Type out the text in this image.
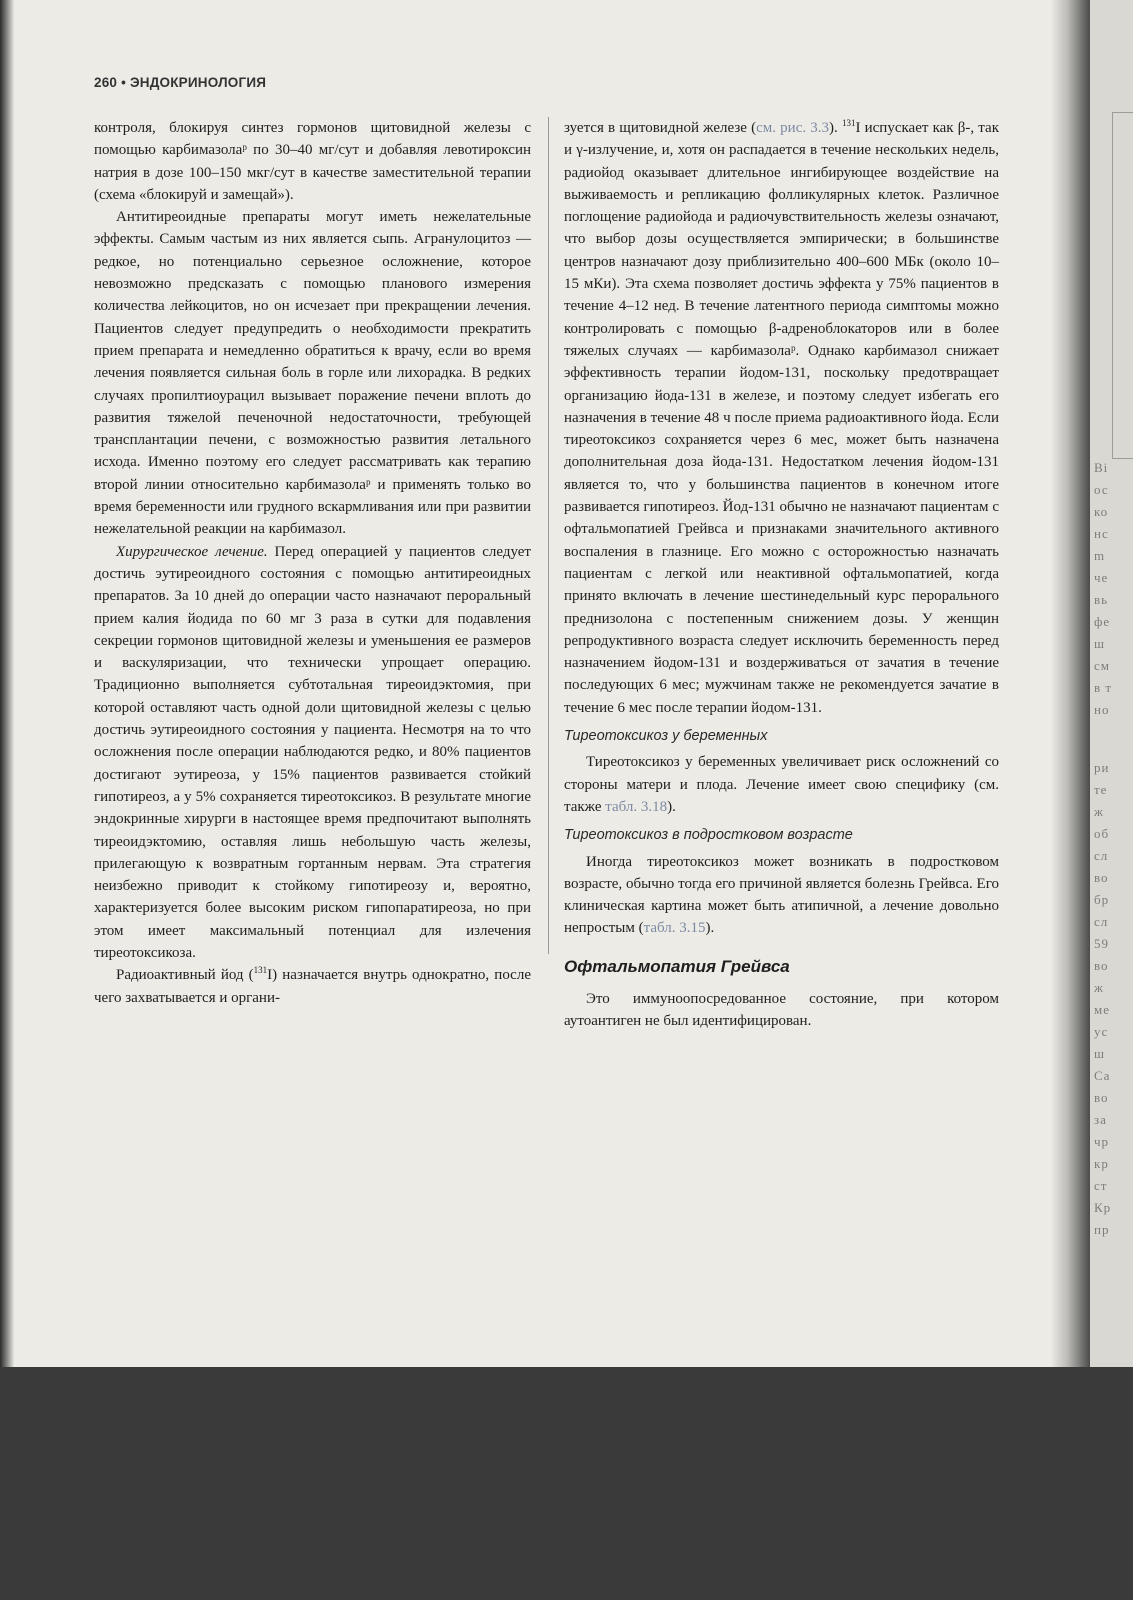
260 • ЭНДОКРИНОЛОГИЯ

контроля, блокируя синтез гормонов щитовидной железы с помощью карбимазолаᵖ по 30–40 мг/сут и добавляя левотироксин натрия в дозе 100–150 мкг/сут в качестве заместительной терапии (схема «блокируй и замещай»).

Антитиреоидные препараты могут иметь нежелательные эффекты. Самым частым из них является сыпь. Агранулоцитоз — редкое, но потенциально серьезное осложнение, которое невозможно предсказать с помощью планового измерения количества лейкоцитов, но он исчезает при прекращении лечения. Пациентов следует предупредить о необходимости прекратить прием препарата и немедленно обратиться к врачу, если во время лечения появляется сильная боль в горле или лихорадка. В редких случаях пропилтиоурацил вызывает поражение печени вплоть до развития тяжелой печеночной недостаточности, требующей трансплантации печени, с возможностью развития летального исхода. Именно поэтому его следует рассматривать как терапию второй линии относительно карбимазолаᵖ и применять только во время беременности или грудного вскармливания или при развитии нежелательной реакции на карбимазол.

Хирургическое лечение. Перед операцией у пациентов следует достичь эутиреоидного состояния с помощью антитиреоидных препаратов. За 10 дней до операции часто назначают пероральный прием калия йодида по 60 мг 3 раза в сутки для подавления секреции гормонов щитовидной железы и уменьшения ее размеров и васкуляризации, что технически упрощает операцию. Традиционно выполняется субтотальная тиреоидэктомия, при которой оставляют часть одной доли щитовидной железы с целью достичь эутиреоидного состояния у пациента. Несмотря на то что осложнения после операции наблюдаются редко, и 80% пациентов достигают эутиреоза, у 15% пациентов развивается стойкий гипотиреоз, а у 5% сохраняется тиреотоксикоз. В результате многие эндокринные хирурги в настоящее время предпочитают выполнять тиреоидэктомию, оставляя лишь небольшую часть железы, прилегающую к возвратным гортанным нервам. Эта стратегия неизбежно приводит к стойкому гипотиреозу и, вероятно, характеризуется более высоким риском гипопаратиреоза, но при этом имеет максимальный потенциал для излечения тиреотоксикоза.

Радиоактивный йод ($^{131}$I) назначается внутрь однократно, после чего захватывается и органи-

зуется в щитовидной железе (см. рис. 3.3). $^{131}$I испускает как β-, так и γ-излучение, и, хотя он распадается в течение нескольких недель, радиойод оказывает длительное ингибирующее воздействие на выживаемость и репликацию фолликулярных клеток. Различное поглощение радиойода и радиочувствительность железы означают, что выбор дозы осуществляется эмпирически; в большинстве центров назначают дозу приблизительно 400–600 МБк (около 10–15 мКи). Эта схема позволяет достичь эффекта у 75% пациентов в течение 4–12 нед. В течение латентного периода симптомы можно контролировать с помощью β-адреноблокаторов или в более тяжелых случаях — карбимазолаᵖ. Однако карбимазол снижает эффективность терапии йодом-131, поскольку предотвращает организацию йода-131 в железе, и поэтому следует избегать его назначения в течение 48 ч после приема радиоактивного йода. Если тиреотоксикоз сохраняется через 6 мес, может быть назначена дополнительная доза йода-131. Недостатком лечения йодом-131 является то, что у большинства пациентов в конечном итоге развивается гипотиреоз. Йод-131 обычно не назначают пациентам с офтальмопатией Грейвса и признаками значительного активного воспаления в глазнице. Его можно с осторожностью назначать пациентам с легкой или неактивной офтальмопатией, когда принято включать в лечение шестинедельный курс перорального преднизолона с постепенным снижением дозы. У женщин репродуктивного возраста следует исключить беременность перед назначением йодом-131 и воздерживаться от зачатия в течение последующих 6 мес; мужчинам также не рекомендуется зачатие в течение 6 мес после терапии йодом-131.

Тиреотоксикоз у беременных

Тиреотоксикоз у беременных увеличивает риск осложнений со стороны матери и плода. Лечение имеет свою специфику (см. также табл. 3.18).

Тиреотоксикоз в подростковом возрасте

Иногда тиреотоксикоз может возникать в подростковом возрасте, обычно тогда его причиной является болезнь Грейвса. Его клиническая картина может быть атипичной, а лечение довольно непростым (табл. 3.15).

Офтальмопатия Грейвса

Это иммуноопосредованное состояние, при котором аутоантиген не был идентифицирован.

Bi
ос
ко
нс
m
че
вь
фе
ш
см
в т
но
ри
те
ж
об
сл
во
бр
сл
59
во
ж
ме
ус
ш
Ca
во
за
чр
кр
ст
Кр
пр
